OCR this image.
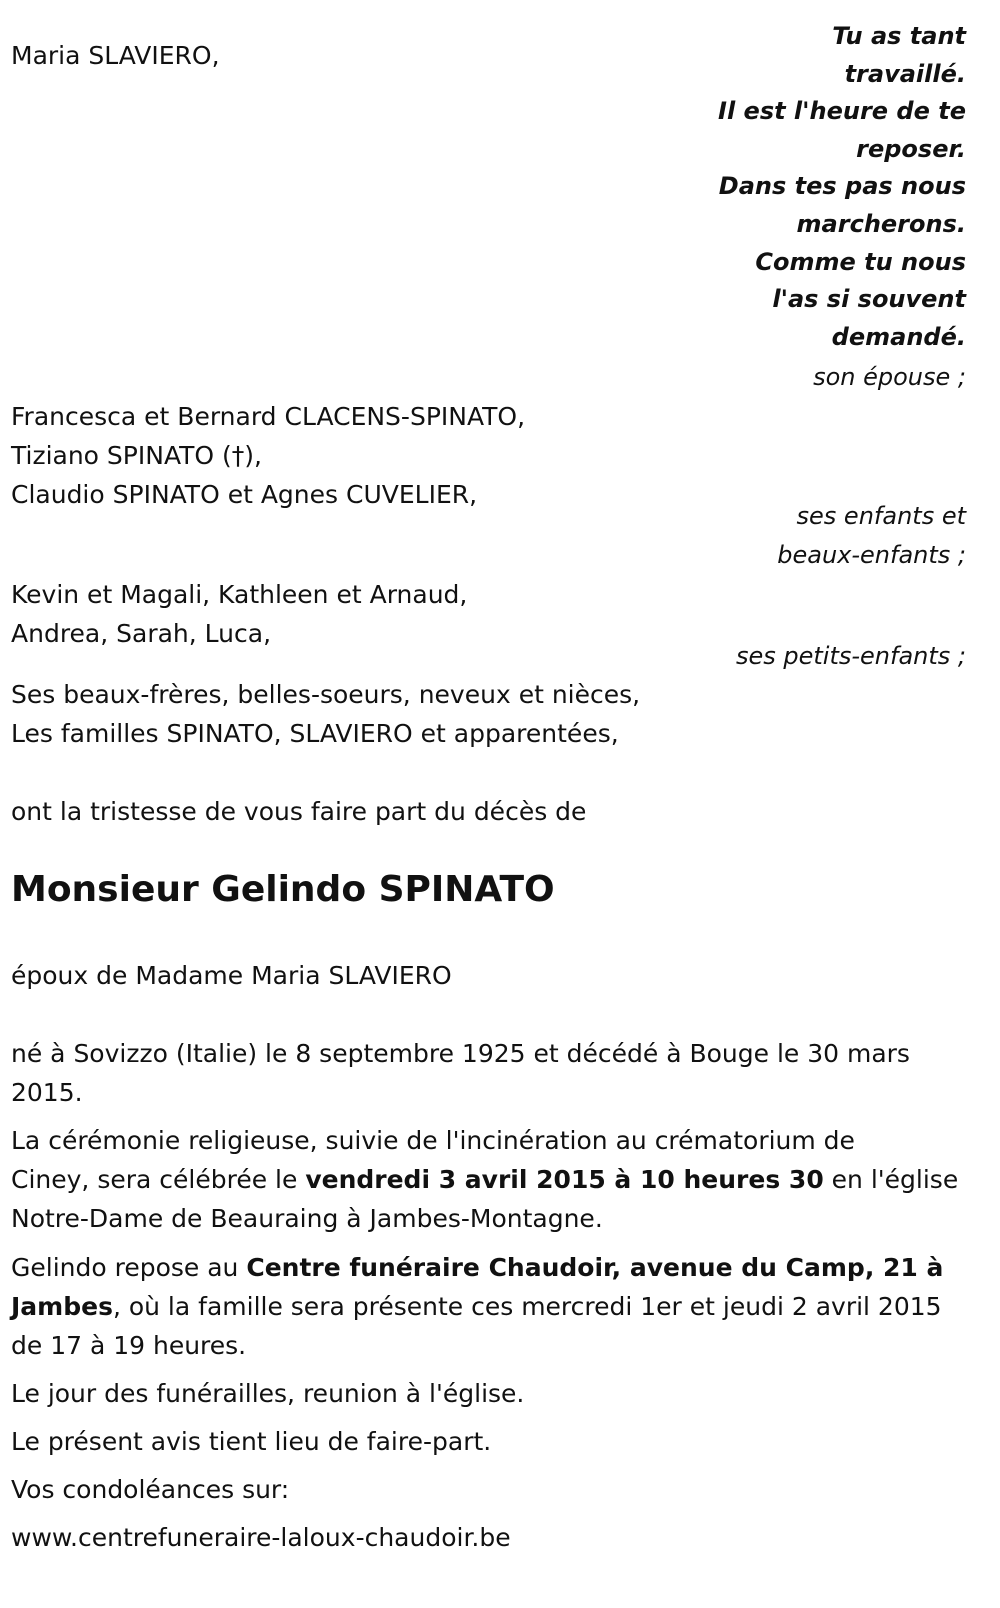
Maria SLAVIERO,
Tu as tant
travaillé.
Il est l'heure de te
reposer.
Dans tes pas nous
marcherons.
Comme tu nous
l'as si souvent
demandé.
son épouse ;
Francesca et Bernard CLACENS-SPINATO,
Tiziano SPINATO (†),
Claudio SPINATO et Agnes CUVELIER,
ses enfants et
beaux-enfants ;
Kevin et Magali, Kathleen et Arnaud,
Andrea, Sarah, Luca,
ses petits-enfants ;
Ses beaux-frères, belles-soeurs, neveux et nièces,
Les familles SPINATO, SLAVIERO et apparentées,
ont la tristesse de vous faire part du décès de
Monsieur Gelindo SPINATO
époux de Madame Maria SLAVIERO
né à Sovizzo (Italie) le 8 septembre 1925 et décédé à Bouge le 30 mars
2015.
La cérémonie religieuse, suivie de l'incinération au crématorium de
Ciney, sera célébrée le vendredi 3 avril 2015 à 10 heures 30 en l'église
Notre-Dame de Beauraing à Jambes-Montagne.
Gelindo repose au Centre funéraire Chaudoir, avenue du Camp, 21 à
Jambes, où la famille sera présente ces mercredi 1er et jeudi 2 avril 2015
de 17 à 19 heures.
Le jour des funérailles, reunion à l'église.
Le présent avis tient lieu de faire-part.
Vos condoléances sur:
www.centrefuneraire-laloux-chaudoir.be
